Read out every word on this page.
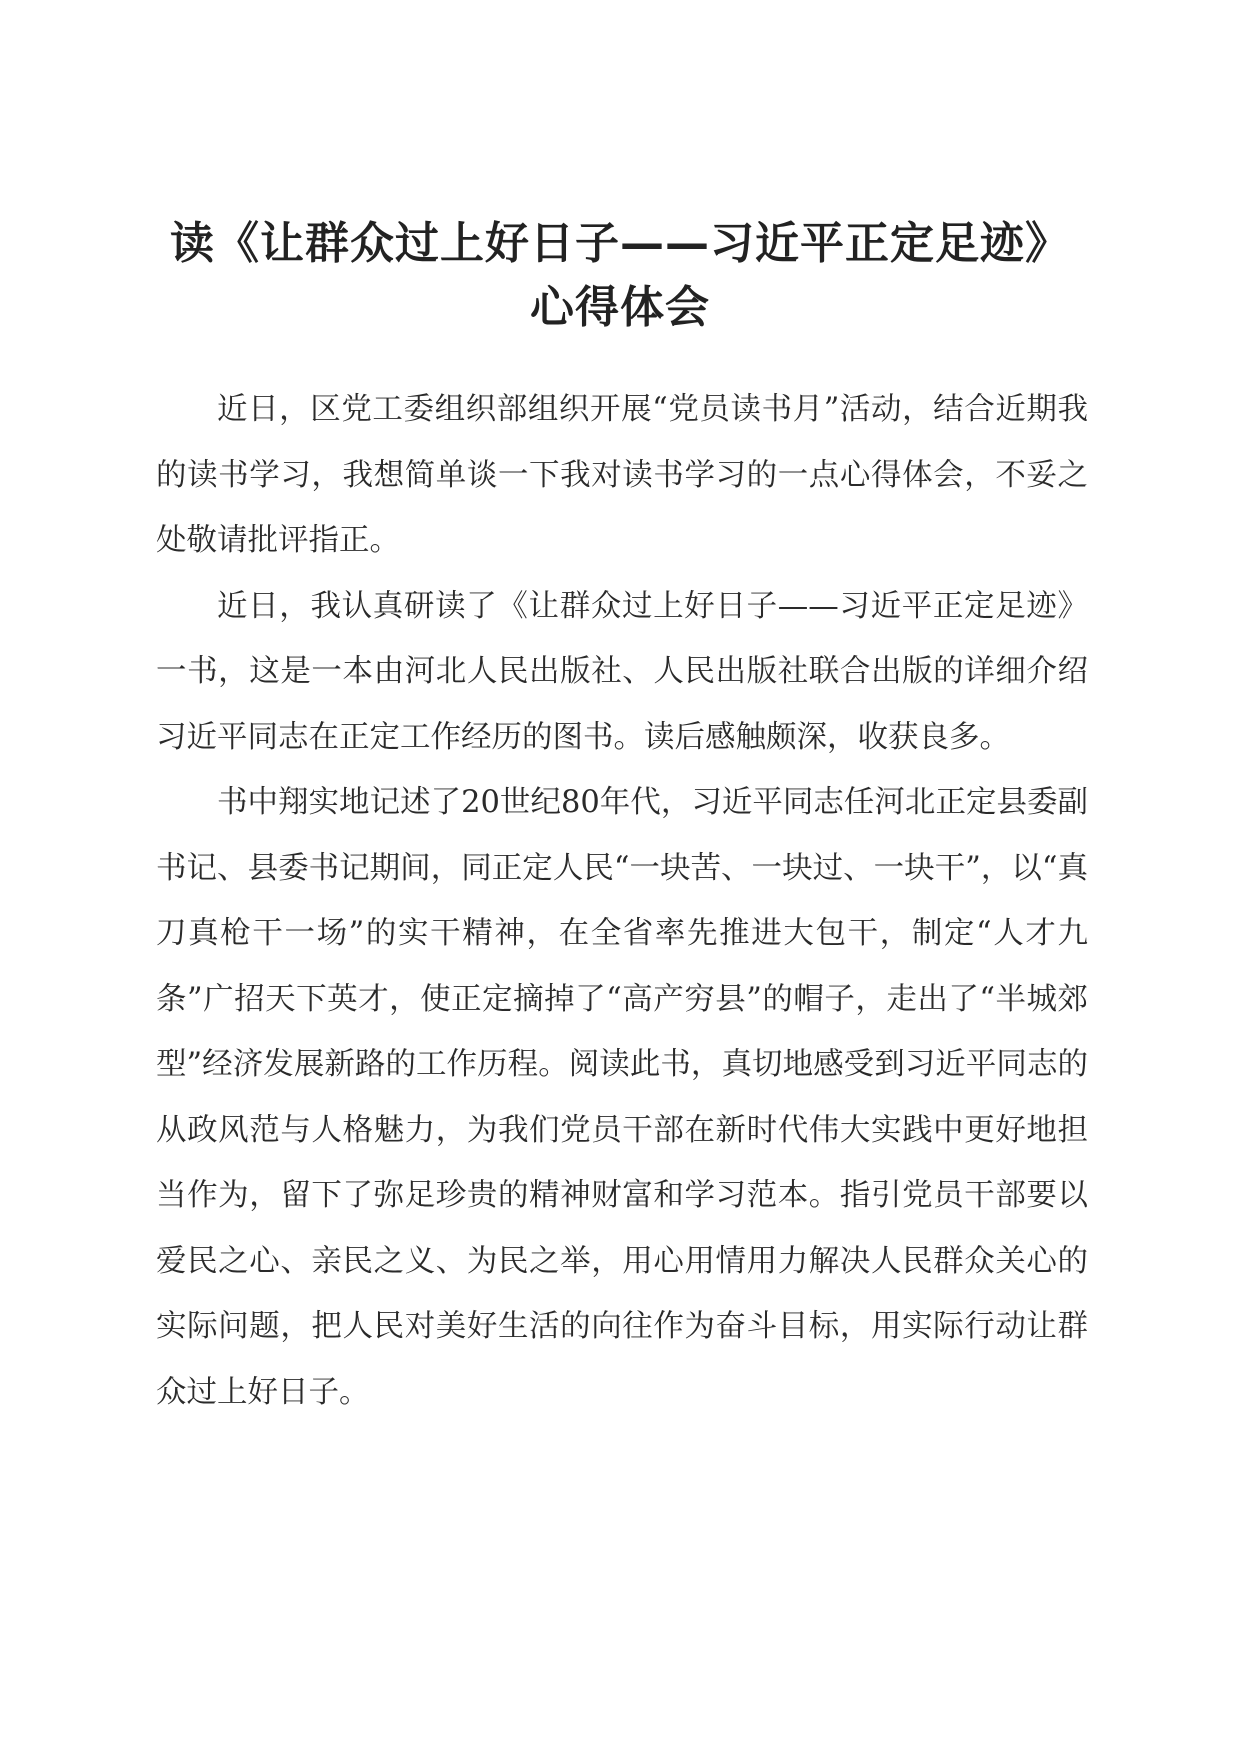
读《让群众过上好日子——习近平正定足迹》
心得体会

近日，区党工委组织部组织开展“党员读书月”活动，结合近期我的读书学习，我想简单谈一下我对读书学习的一点心得体会，不妥之处敬请批评指正。

近日，我认真研读了《让群众过上好日子——习近平正定足迹》一书，这是一本由河北人民出版社、人民出版社联合出版的详细介绍习近平同志在正定工作经历的图书。读后感触颇深，收获良多。

书中翔实地记述了20世纪80年代，习近平同志任河北正定县委副书记、县委书记期间，同正定人民“一块苦、一块过、一块干”，以“真刀真枪干一场”的实干精神，在全省率先推进大包干，制定“人才九条”广招天下英才，使正定摘掉了“高产穷县”的帽子，走出了“半城郊型”经济发展新路的工作历程。阅读此书，真切地感受到习近平同志的从政风范与人格魅力，为我们党员干部在新时代伟大实践中更好地担当作为，留下了弥足珍贵的精神财富和学习范本。指引党员干部要以爱民之心、亲民之义、为民之举，用心用情用力解决人民群众关心的实际问题，把人民对美好生活的向往作为奋斗目标，用实际行动让群众过上好日子。
